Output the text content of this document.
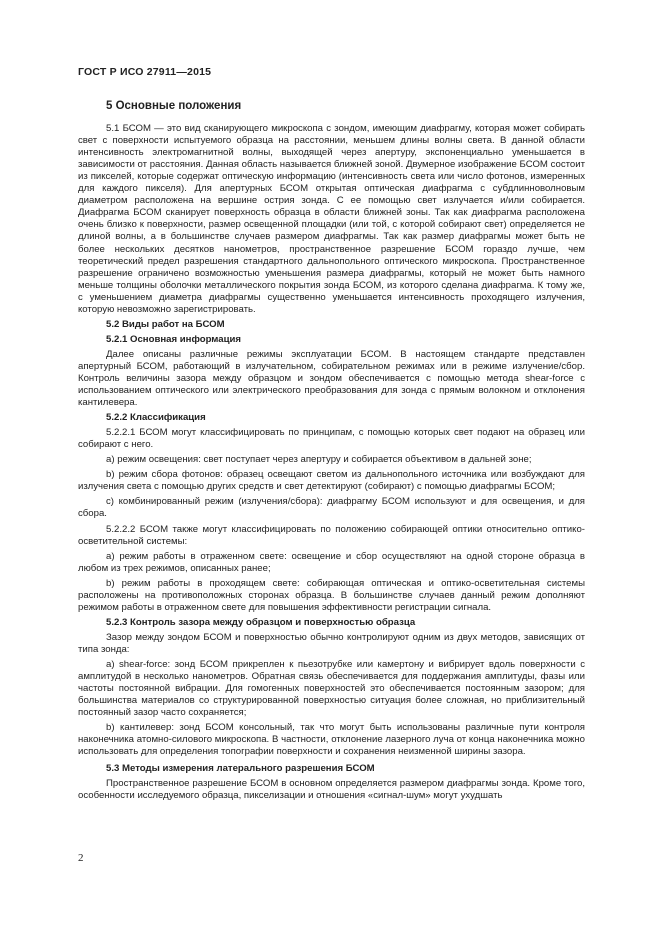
ГОСТ Р ИСО 27911—2015
5 Основные положения

5.1 БСОМ — это вид сканирующего микроскопа с зондом, имеющим диафрагму, которая может собирать свет с поверхности испытуемого образца на расстоянии, меньшем длины волны света. В данной области интенсивность электромагнитной волны, выходящей через апертуру, экспоненциально уменьшается в зависимости от расстояния. Данная область называется ближней зоной. Двумерное изображение БСОМ состоит из пикселей, которые содержат оптическую информацию (интенсивность света или число фотонов, измеренных для каждого пикселя). Для апертурных БСОМ открытая оптическая диафрагма с субдлинноволновым диаметром расположена на вершине острия зонда. С ее помощью свет излучается и/или собирается. Диафрагма БСОМ сканирует поверхность образца в области ближней зоны. Так как диафрагма расположена очень близко к поверхности, размер освещенной площадки (или той, с которой собирают свет) определяется не длиной волны, а в большинстве случаев размером диафрагмы. Так как размер диафрагмы может быть не более нескольких десятков нанометров, пространственное разрешение БСОМ гораздо лучше, чем теоретический предел разрешения стандартного дальнопольного оптического микроскопа. Пространственное разрешение ограничено возможностью уменьшения размера диафрагмы, который не может быть намного меньше толщины оболочки металлического покрытия зонда БСОМ, из которого сделана диафрагма. К тому же, с уменьшением диаметра диафрагмы существенно уменьшается интенсивность проходящего излучения, которую невозможно зарегистрировать.

5.2 Виды работ на БСОМ
5.2.1 Основная информация

Далее описаны различные режимы эксплуатации БСОМ. В настоящем стандарте представлен апертурный БСОМ, работающий в излучательном, собирательном режимах или в режиме излучение/сбор. Контроль величины зазора между образцом и зондом обеспечивается с помощью метода shear-force с использованием оптического или электрического преобразования для зонда с прямым волокном и отклонения кантилевера.

5.2.2 Классификация

5.2.2.1 БСОМ могут классифицировать по принципам, с помощью которых свет подают на образец или собирают с него.

a) режим освещения: свет поступает через апертуру и собирается объективом в дальней зоне;

b) режим сбора фотонов: образец освещают светом из дальнопольного источника или возбуждают для излучения света с помощью других средств и свет детектируют (собирают) с помощью диафрагмы БСОМ;

c) комбинированный режим (излучения/сбора): диафрагму БСОМ используют и для освещения, и для сбора.

5.2.2.2 БСОМ также могут классифицировать по положению собирающей оптики относительно оптико-осветительной системы:

a) режим работы в отраженном свете: освещение и сбор осуществляют на одной стороне образца в любом из трех режимов, описанных ранее;

b) режим работы в проходящем свете: собирающая оптическая и оптико-осветительная системы расположены на противоположных сторонах образца. В большинстве случаев данный режим дополняют режимом работы в отраженном свете для повышения эффективности регистрации сигнала.

5.2.3 Контроль зазора между образцом и поверхностью образца

Зазор между зондом БСОМ и поверхностью обычно контролируют одним из двух методов, зависящих от типа зонда:

a) shear-force: зонд БСОМ прикреплен к пьезотрубке или камертону и вибрирует вдоль поверхности с амплитудой в несколько нанометров. Обратная связь обеспечивается для поддержания амплитуды, фазы или частоты постоянной вибрации. Для гомогенных поверхностей это обеспечивается постоянным зазором; для большинства материалов со структурированной поверхностью ситуация более сложная, но приблизительный постоянный зазор часто сохраняется;

b) кантилевер: зонд БСОМ консольный, так что могут быть использованы различные пути контроля наконечника атомно-силового микроскопа. В частности, отклонение лазерного луча от конца наконечника можно использовать для определения топографии поверхности и сохранения неизменной ширины зазора.

5.3 Методы измерения латерального разрешения БСОМ

Пространственное разрешение БСОМ в основном определяется размером диафрагмы зонда. Кроме того, особенности исследуемого образца, пикселизации и отношения «сигнал-шум» могут ухудшать

2
